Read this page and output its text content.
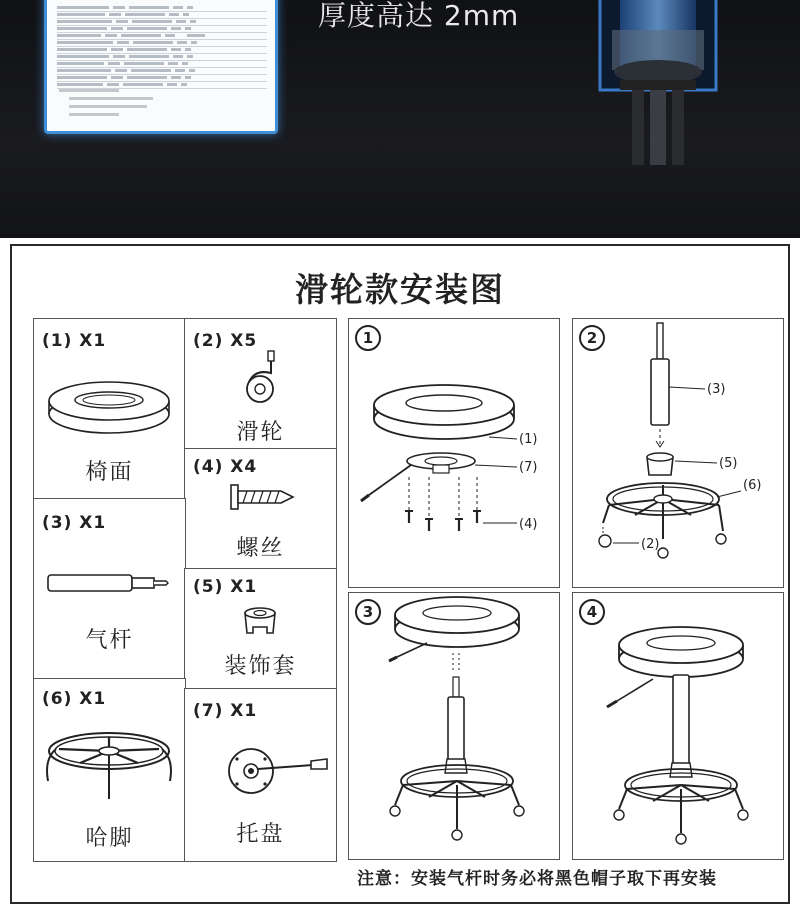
厚度高达 2mm
滑轮款安装图
(1) X1
椅面
(2) X5
滑轮
(4) X4
螺丝
(3) X1
气杆
(5) X1
装饰套
(6) X1
哈脚
(7) X1
托盘
1
(1)
(7)
(4)
2
(3)
(5)
(6)
(2)
3	4
注意：安装气杆时务必将黑色帽子取下再安装
